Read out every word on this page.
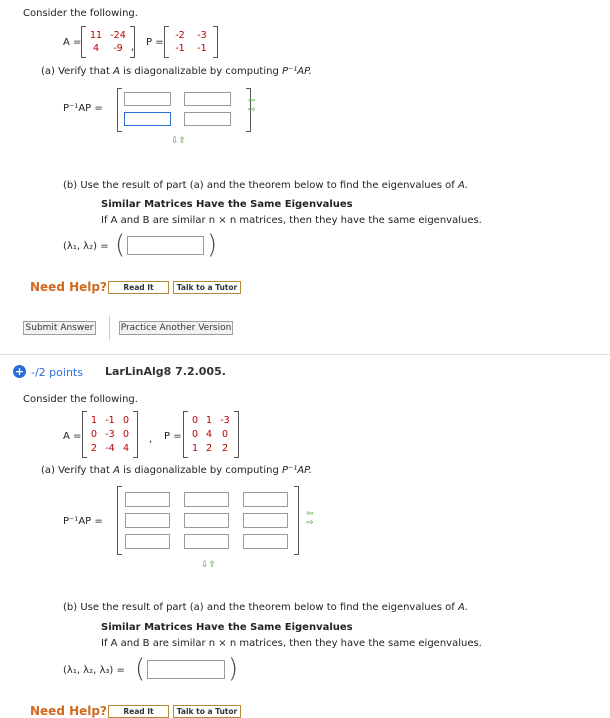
Consider the following.
A =
11 -24
4	-9 , P =
-2	-3
-1	-1
(a) Verify that A is diagonalizable by computing P⁻¹AP.
P⁻¹AP =
⇦
⇨
⇩⇧
(b) Use the result of part (a) and the theorem below to find the eigenvalues of A.
Similar Matrices Have the Same Eigenvalues
If A and B are similar n × n matrices, then they have the same eigenvalues.
(λ₁, λ₂) = (	)
Need Help?	Read It	Talk to a Tutor
Submit Answer	Practice Another Version
+ -/2 points LarLinAlg8 7.2.005.
Consider the following.
A =
1 -1 0
0 -3 0
2 -4 4
, P =
0 1 -3
0 4	0
1 2	2
(a) Verify that A is diagonalizable by computing P⁻¹AP.
P⁻¹AP =
⇦
⇨
⇩⇧
(b) Use the result of part (a) and the theorem below to find the eigenvalues of A.
Similar Matrices Have the Same Eigenvalues
If A and B are similar n × n matrices, then they have the same eigenvalues.
(λ₁, λ₂, λ₃) = (	)
Need Help?	Read It	Talk to a Tutor
